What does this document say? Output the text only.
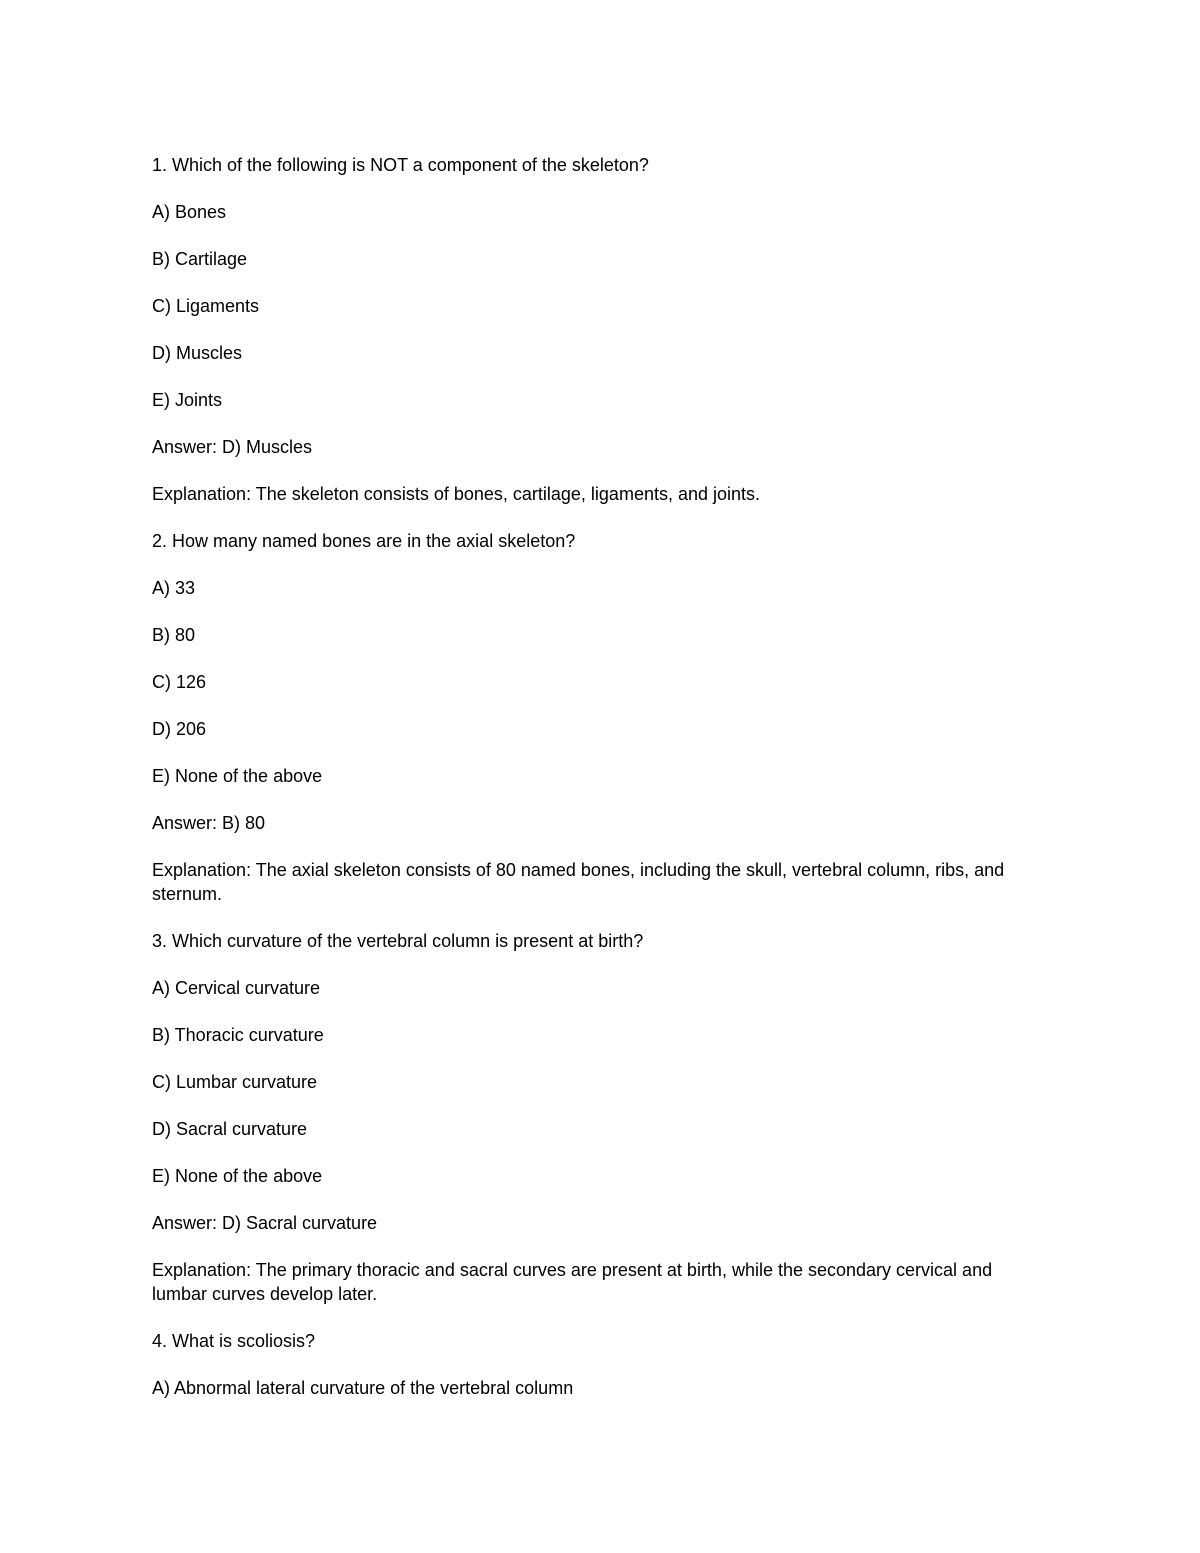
1. Which of the following is NOT a component of the skeleton?
A) Bones
B) Cartilage
C) Ligaments
D) Muscles
E) Joints
Answer: D) Muscles
Explanation: The skeleton consists of bones, cartilage, ligaments, and joints.
2. How many named bones are in the axial skeleton?
A) 33
B) 80
C) 126
D) 206
E) None of the above
Answer: B) 80
Explanation: The axial skeleton consists of 80 named bones, including the skull, vertebral column, ribs, and sternum.
3. Which curvature of the vertebral column is present at birth?
A) Cervical curvature
B) Thoracic curvature
C) Lumbar curvature
D) Sacral curvature
E) None of the above
Answer: D) Sacral curvature
Explanation: The primary thoracic and sacral curves are present at birth, while the secondary cervical and lumbar curves develop later.
4. What is scoliosis?
A) Abnormal lateral curvature of the vertebral column
